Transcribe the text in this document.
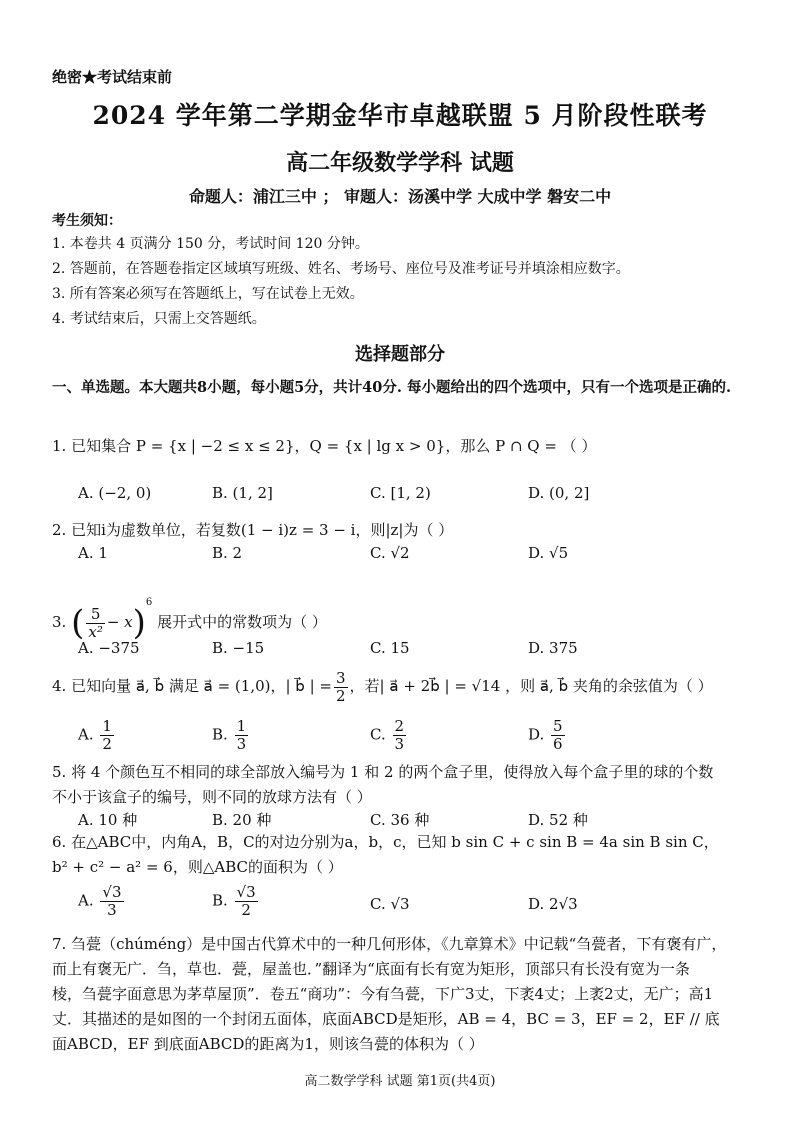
绝密★考试结束前
2024 学年第二学期金华市卓越联盟 5 月阶段性联考
高二年级数学学科 试题
命题人：浦江三中 ； 审题人：汤溪中学 大成中学 磐安二中
考生须知：
1. 本卷共 4 页满分 150 分，考试时间 120 分钟。
2. 答题前，在答题卷指定区域填写班级、姓名、考场号、座位号及准考证号并填涂相应数字。
3. 所有答案必须写在答题纸上，写在试卷上无效。
4. 考试结束后，只需上交答题纸。
选择题部分
一、单选题。本大题共8小题，每小题5分，共计40分. 每小题给出的四个选项中，只有一个选项是正确的.
1. 已知集合 P = {x | −2 ≤ x ≤ 2}，Q = {x | lg x > 0}，那么 P ∩ Q = （ ）
A. (−2, 0)	B. (1, 2]	C. [1, 2)	D. (0, 2]
2. 已知i为虚数单位，若复数(1 − i)z = 3 − i，则|z|为（ ）
A. 1	B. 2	C. √2	D. √5
3. ( $\frac{5}{\text{x²}} - x)^6$ 展开式中的常数项为（ ）
A. −375	B. −15	C. 15	D. 375
4. 已知向量 a⃗, b⃗ 满足 a⃗ = (1,0)，| b⃗ | = $\frac{3}{2}$ ，若| a⃗ + 2b⃗ | = √14 ，则 a⃗, b⃗ 夹角的余弦值为（ ）
A. $\frac{1}{2}$	B. $\frac{1}{3}$	C. $\frac{2}{3}$	D. $\frac{5}{6}$
5. 将 4 个颜色互不相同的球全部放入编号为 1 和 2 的两个盒子里，使得放入每个盒子里的球的个数
不小于该盒子的编号，则不同的放球方法有（ ）
A. 10 种	B. 20 种	C. 36 种	D. 52 种
6. 在△ABC中，内角A，B，C的对边分别为a，b，c，已知 b sin C + c sin B = 4a sin B sin C，
b² + c² − a² = 6，则△ABC的面积为（ ）
A. $\frac{√3}{3}$	B. $\frac{√3}{2}$	C. √3	D. 2√3
7. 刍甍（chúméng）是中国古代算术中的一种几何形体，《九章算术》中记载“刍甍者，下有褒有广，
而上有褒无广．刍，草也．甍，屋盖也．”翻译为“底面有长有宽为矩形，顶部只有长没有宽为一条
棱，刍甍字面意思为茅草屋顶”．卷五“商功”：今有刍甍，下广3丈，下袤4丈；上袤2丈，无广；高1
丈．其描述的是如图的一个封闭五面体，底面ABCD是矩形，AB = 4，BC = 3，EF = 2，EF // 底
面ABCD，EF 到底面ABCD的距离为1，则该刍甍的体积为（ ）
高二数学学科 试题 第1页(共4页)
